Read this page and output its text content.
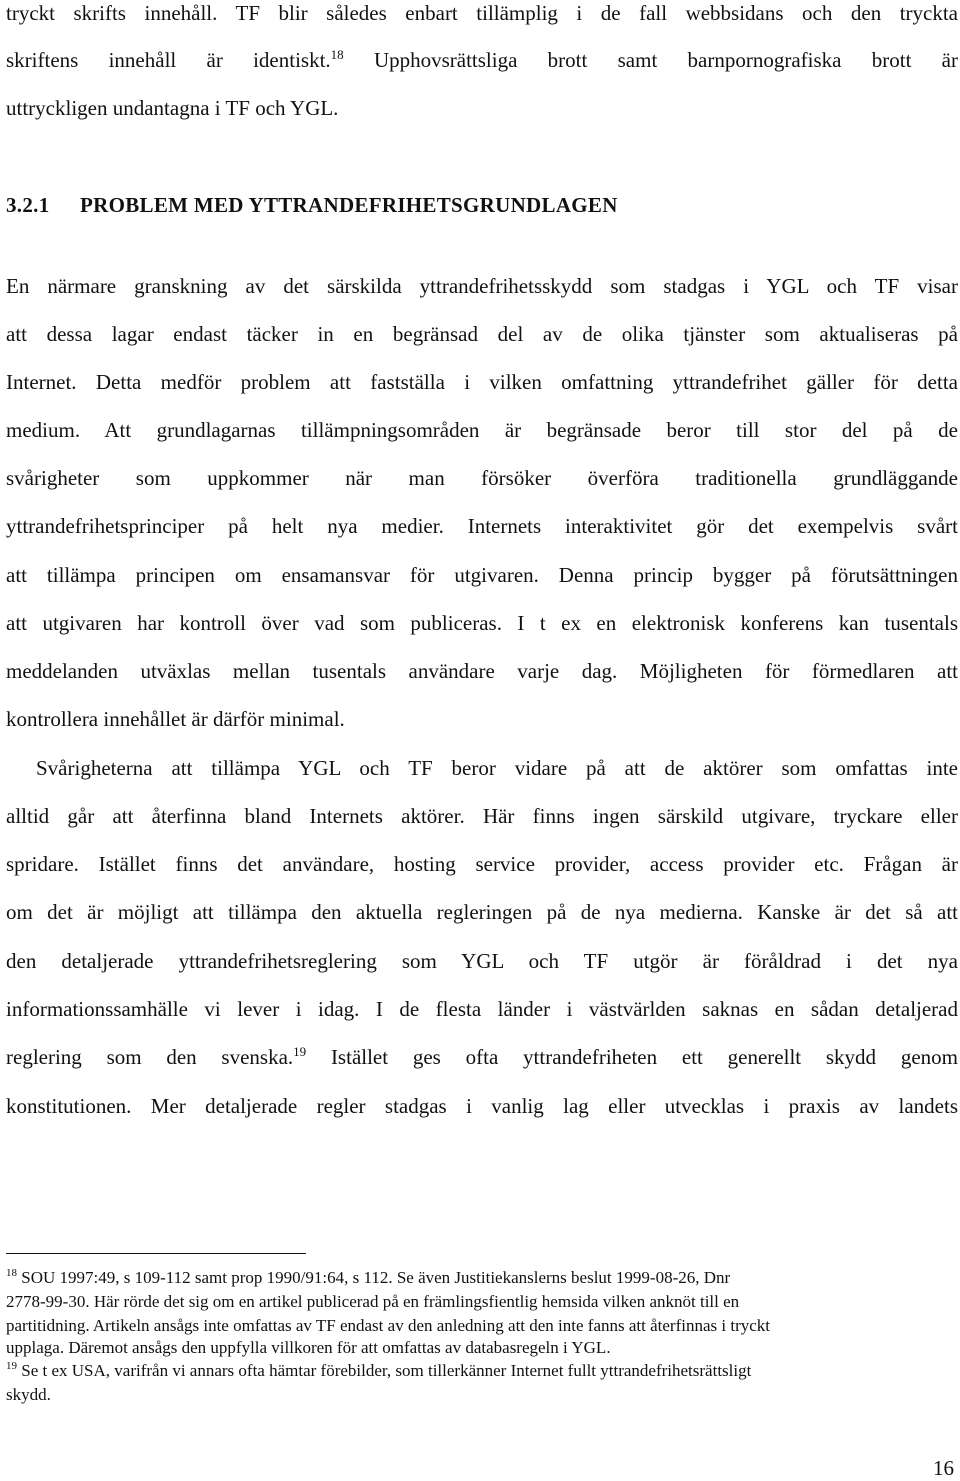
tryckt skrifts innehåll. TF blir således enbart tillämplig i de fall webbsidans och den tryckta
skriftens innehåll är identiskt.$^{18}$ Upphovsrättsliga brott samt barnpornografiska brott är
uttryckligen undantagna i TF och YGL.
3.2.1 PROBLEM MED YTTRANDEFRIHETSGRUNDLAGEN
En närmare granskning av det särskilda yttrandefrihetsskydd som stadgas i YGL och TF visar
att dessa lagar endast täcker in en begränsad del av de olika tjänster som aktualiseras på
Internet. Detta medför problem att fastställa i vilken omfattning yttrandefrihet gäller för detta
medium. Att grundlagarnas tillämpningsområden är begränsade beror till stor del på de
svårigheter som uppkommer när man försöker överföra traditionella grundläggande
yttrandefrihetsprinciper på helt nya medier. Internets interaktivitet gör det exempelvis svårt
att tillämpa principen om ensamansvar för utgivaren. Denna princip bygger på förutsättningen
att utgivaren har kontroll över vad som publiceras. I t ex en elektronisk konferens kan tusentals
meddelanden utväxlas mellan tusentals användare varje dag. Möjligheten för förmedlaren att
kontrollera innehållet är därför minimal.
Svårigheterna att tillämpa YGL och TF beror vidare på att de aktörer som omfattas inte
alltid går att återfinna bland Internets aktörer. Här finns ingen särskild utgivare, tryckare eller
spridare. Istället finns det användare, hosting service provider, access provider etc. Frågan är
om det är möjligt att tillämpa den aktuella regleringen på de nya medierna. Kanske är det så att
den detaljerade yttrandefrihetsreglering som YGL och TF utgör är föråldrad i det nya
informationssamhälle vi lever i idag. I de flesta länder i västvärlden saknas en sådan detaljerad
reglering som den svenska.$^{19}$ Istället ges ofta yttrandefriheten ett generellt skydd genom
konstitutionen. Mer detaljerade regler stadgas i vanlig lag eller utvecklas i praxis av landets
$^{18}$ SOU 1997:49, s 109-112 samt prop 1990/91:64, s 112. Se även Justitiekanslerns beslut 1999-08-26, Dnr
2778-99-30. Här rörde det sig om en artikel publicerad på en främlingsfientlig hemsida vilken anknöt till en
partitidning. Artikeln ansågs inte omfattas av TF endast av den anledning att den inte fanns att återfinnas i tryckt
upplaga. Däremot ansågs den uppfylla villkoren för att omfattas av databasregeln i YGL.
$^{19}$ Se t ex USA, varifrån vi annars ofta hämtar förebilder, som tillerkänner Internet fullt yttrandefrihetsrättsligt
skydd.
16
